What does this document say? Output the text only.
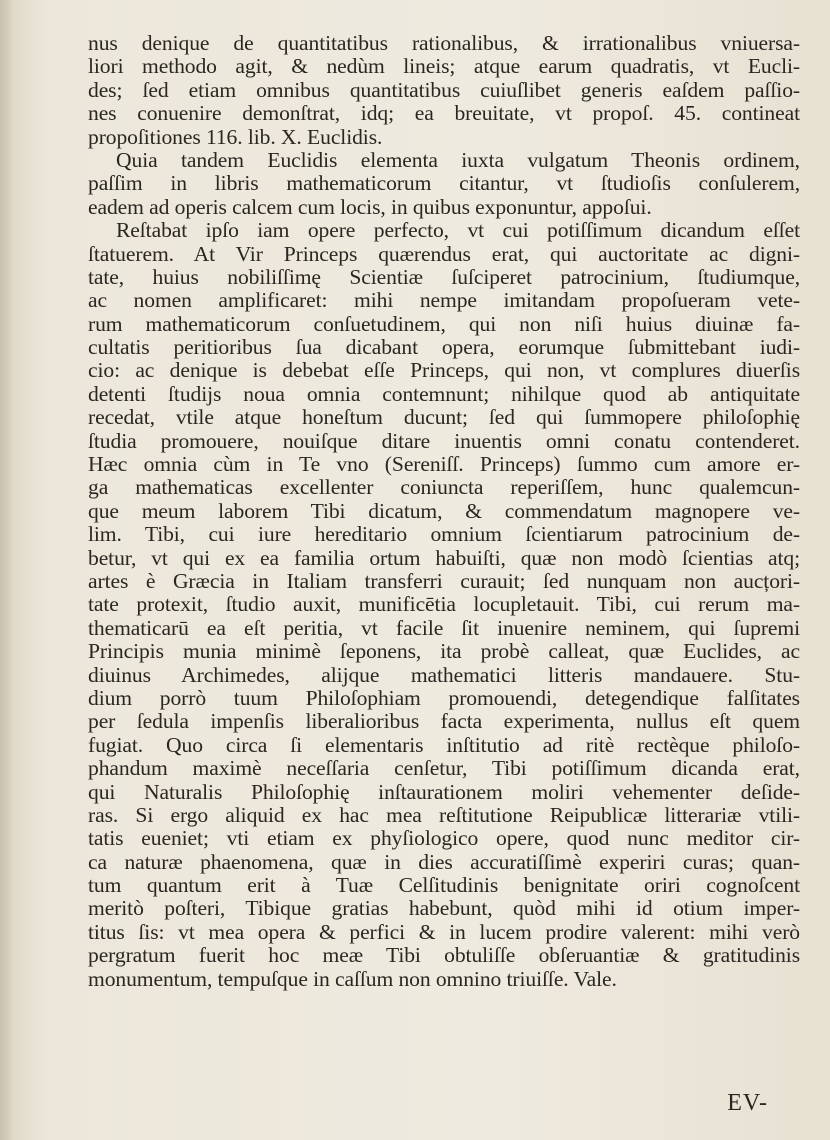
nus denique de quantitatibus rationalibus, & irrationalibus vniuersa-
liori methodo agit, & nedùm lineis; atque earum quadratis, vt Eucli-
des; ſed etiam omnibus quantitatibus cuiuſlibet generis eaſdem paſſio-
nes conuenire demonſtrat, idq; ea breuitate, vt propoſ. 45. contineat
propoſitiones 116. lib. X. Euclidis.
Quia tandem Euclidis elementa iuxta vulgatum Theonis ordinem,
paſſim in libris mathematicorum citantur, vt ſtudioſis conſulerem,
eadem ad operis calcem cum locis, in quibus exponuntur, appoſui.
Reſtabat ipſo iam opere perfecto, vt cui potiſſimum dicandum eſſet
ſtatuerem. At Vir Princeps quærendus erat, qui auctoritate ac digni-
tate, huius nobiliſſimę Scientiæ ſuſciperet patrocinium, ſtudiumque,
ac nomen amplificaret: mihi nempe imitandam propoſueram vete-
rum mathematicorum conſuetudinem, qui non niſi huius diuinæ fa-
cultatis peritioribus ſua dicabant opera, eorumque ſubmittebant iudi-
cio: ac denique is debebat eſſe Princeps, qui non, vt complures diuerſis
detenti ſtudijs noua omnia contemnunt; nihilque quod ab antiquitate
recedat, vtile atque honeſtum ducunt; ſed qui ſummopere philoſophię
ſtudia promouere, nouiſque ditare inuentis omni conatu contenderet.
Hæc omnia cùm in Te vno (Sereniſſ. Princeps) ſummo cum amore er-
ga mathematicas excellenter coniuncta reperiſſem, hunc qualemcun-
que meum laborem Tibi dicatum, & commendatum magnopere ve-
lim. Tibi, cui iure hereditario omnium ſcientiarum patrocinium de-
betur, vt qui ex ea familia ortum habuiſti, quæ non modò ſcientias atq;
artes è Græcia in Italiam transferri curauit; ſed nunquam non aucțori-
tate protexit, ſtudio auxit, munificētia locupletauit. Tibi, cui rerum ma-
thematicarū ea eſt peritia, vt facile ſit inuenire neminem, qui ſupremi
Principis munia minimè ſeponens, ita probè calleat, quæ Euclides, ac
diuinus Archimedes, aliјque mathematici litteris mandauere. Stu-
dium porrò tuum Philoſophiam promouendi, detegendique falſitates
per ſedula impenſis liberalioribus facta experimenta, nullus eſt quem
fugiat. Quo circa ſi elementaris inſtitutio ad ritè rectèque philoſo-
phandum maximè neceſſaria cenſetur, Tibi potiſſimum dicanda erat,
qui Naturalis Philoſophię inſtaurationem moliri vehementer deſide-
ras. Si ergo aliquid ex hac mea reſtitutione Reipublicæ litterariæ vtili-
tatis eueniet; vti etiam ex phyſiologico opere, quod nunc meditor cir-
ca naturæ phaenomena, quæ in dies accuratiſſimè experiri curas; quan-
tum quantum erit à Tuæ Celſitudinis benignitate oriri cognoſcent
meritò poſteri, Tibique gratias habebunt, quòd mihi id otium imper-
titus ſis: vt mea opera & perfici & in lucem prodire valerent: mihi verò
pergratum fuerit hoc meæ Tibi obtuliſſe obſeruantiæ & gratitudinis
monumentum, tempuſque in caſſum non omnino triuiſſe. Vale.
EV-
